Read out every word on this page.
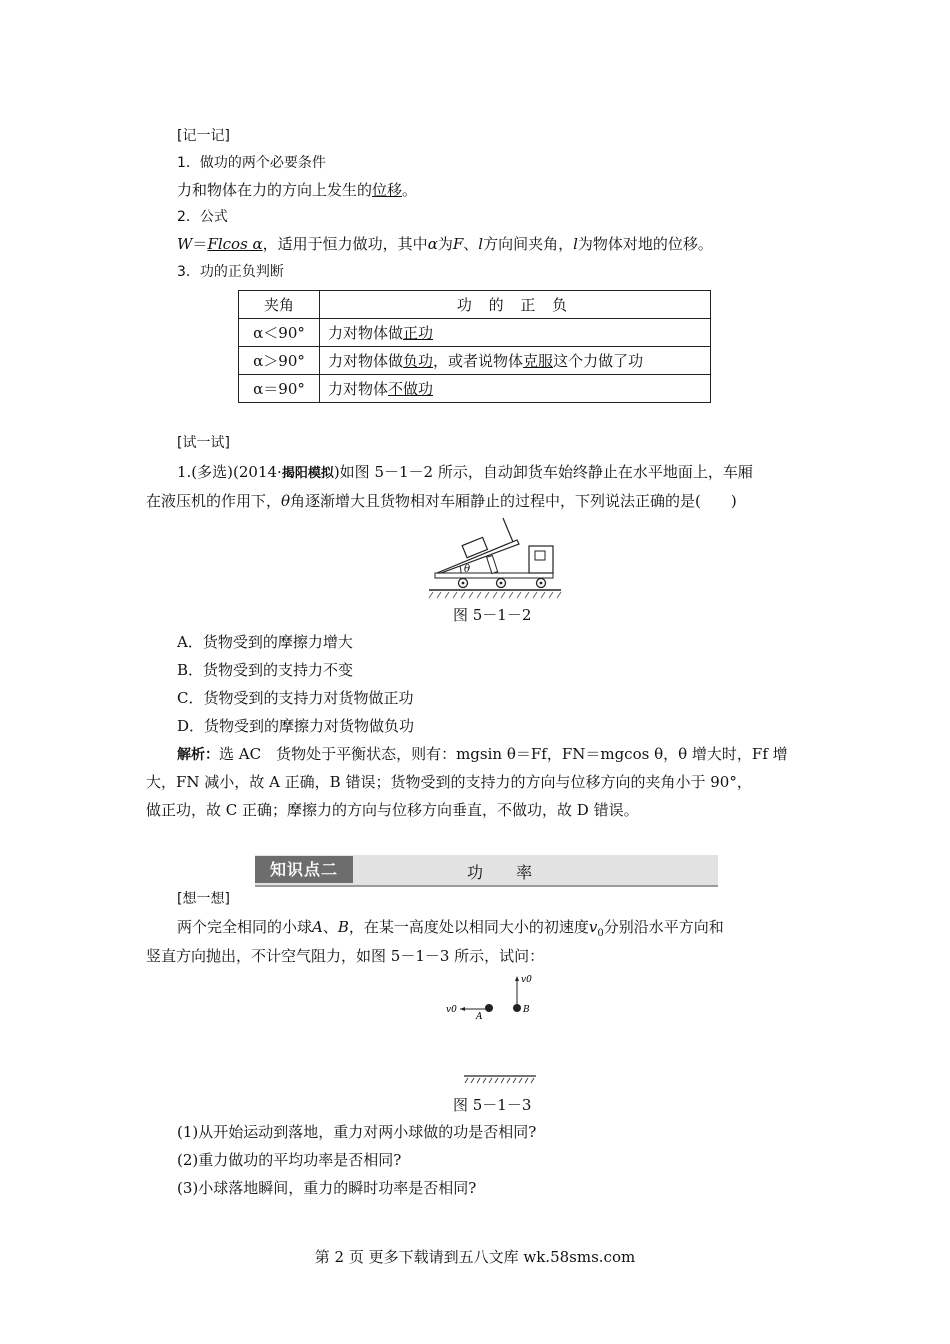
[记一记]
1．做功的两个必要条件
力和物体在力的方向上发生的位移。
2．公式
W＝Flcos α，适用于恒力做功，其中α为F、l方向间夹角，l为物体对地的位移。
3．功的正负判断
夹角	功 的 正 负
α＜90°	力对物体做正功
α＞90°	力对物体做负功，或者说物体克服这个力做了功
α＝90°	力对物体不做功
[试一试]
1.(多选)(2014·揭阳模拟)如图 5－1－2 所示，自动卸货车始终静止在水平地面上，车厢
在液压机的作用下，θ角逐渐增大且货物相对车厢静止的过程中，下列说法正确的是(　　)
θ
图 5－1－2
A．货物受到的摩擦力增大
B．货物受到的支持力不变
C．货物受到的支持力对货物做正功
D．货物受到的摩擦力对货物做负功
解析：选 AC　货物处于平衡状态，则有：mgsin θ＝Ff，FN＝mgcos θ，θ 增大时，Ff 增
大，FN 减小，故 A 正确，B 错误；货物受到的支持力的方向与位移方向的夹角小于 90°，
做正功，故 C 正确；摩擦力的方向与位移方向垂直，不做功，故 D 错误。
知识点二	功 率
[想一想]
两个完全相同的小球A、B，在某一高度处以相同大小的初速度$v_0$分别沿水平方向和
竖直方向抛出，不计空气阻力，如图 5－1－3 所示，试问：
v0
A
v0
B
图 5－1－3
(1)从开始运动到落地，重力对两小球做的功是否相同?
(2)重力做功的平均功率是否相同?
(3)小球落地瞬间，重力的瞬时功率是否相同?
第 2 页 更多下载请到五八文库 wk.58sms.com
